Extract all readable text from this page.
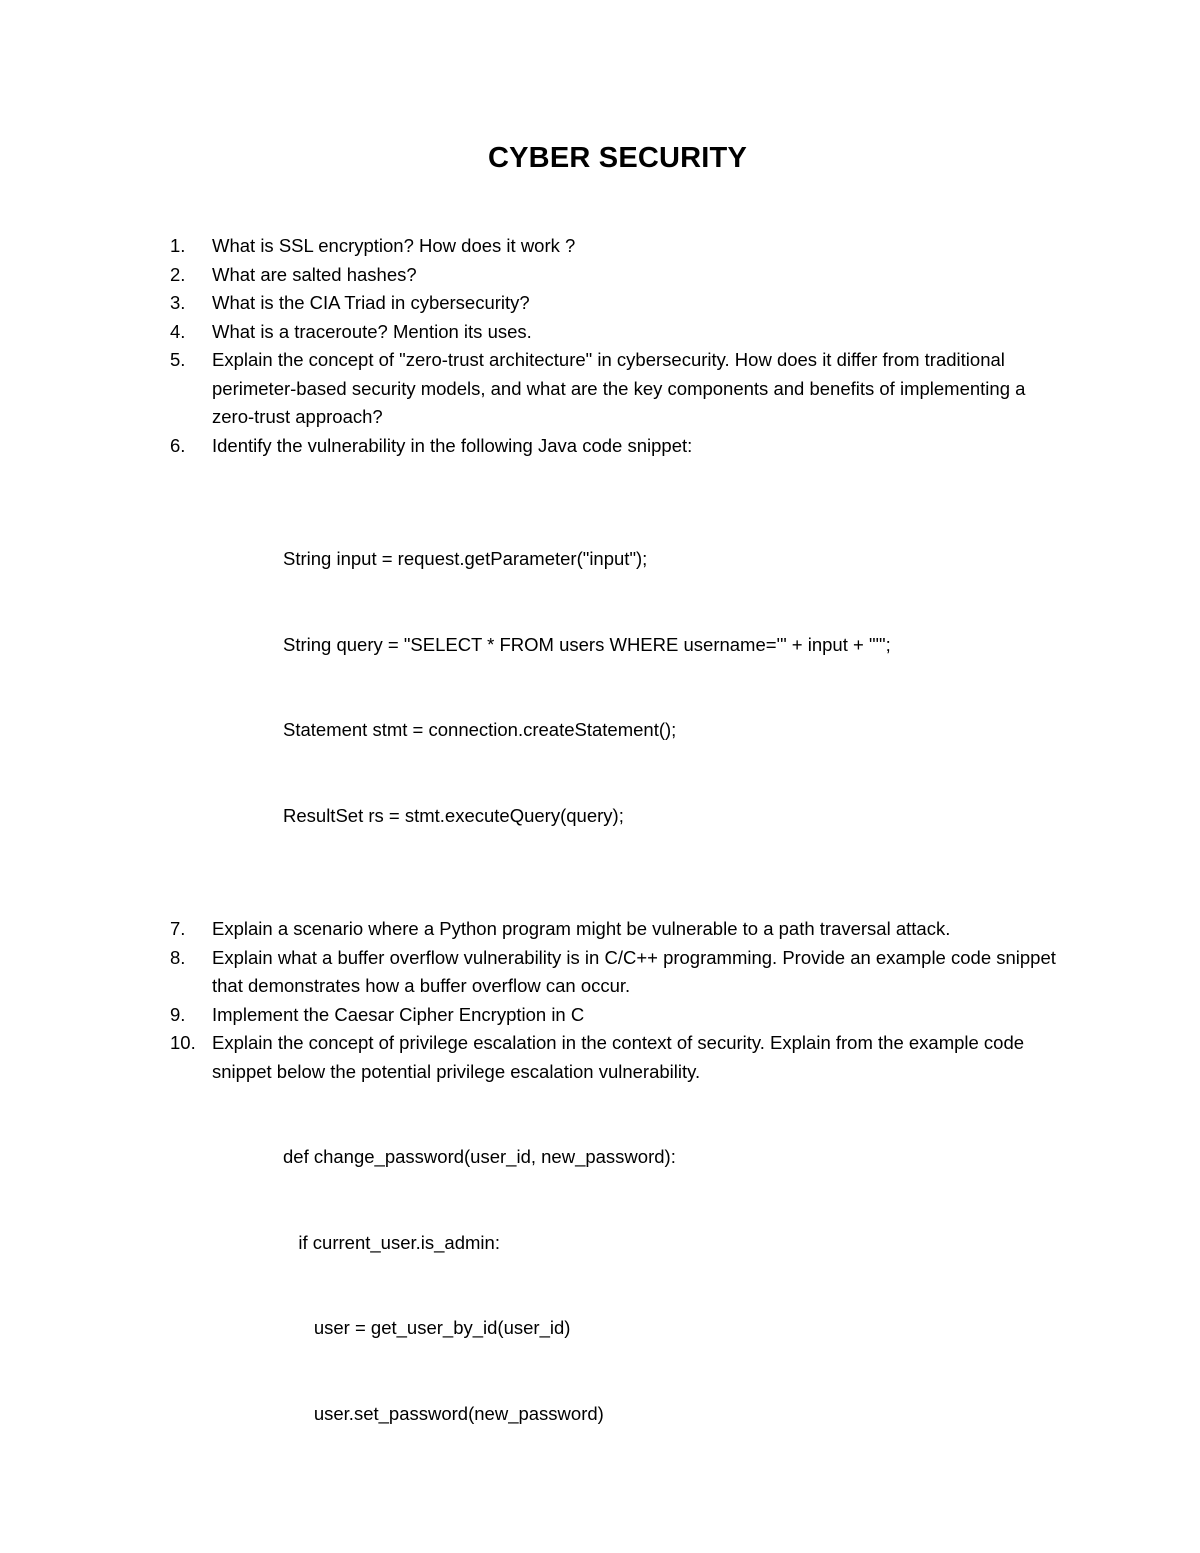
CYBER SECURITY
1.	What is SSL encryption? How does it work ?
2.	What are salted hashes?
3.	What is the CIA Triad in cybersecurity?
4.	What is a traceroute? Mention its uses.
5.	Explain the concept of "zero-trust architecture" in cybersecurity. How does it differ from traditional perimeter-based security models, and what are the key components and benefits of implementing a zero-trust approach?
6.	Identify the vulnerability in the following Java code snippet:

String input = request.getParameter("input");

String query = "SELECT * FROM users WHERE username='" + input + "'";

Statement stmt = connection.createStatement();

ResultSet rs = stmt.executeQuery(query);

7.	Explain a scenario where a Python program might be vulnerable to a path traversal attack.
8.	Explain what a buffer overflow vulnerability is in C/C++ programming. Provide an example code snippet that demonstrates how a buffer overflow can occur.
9.	Implement the Caesar Cipher Encryption in C
10. Explain the concept of privilege escalation in the context of security. Explain from the example code snippet below the potential privilege escalation vulnerability.

def change_password(user_id, new_password):

if current_user.is_admin:

user = get_user_by_id(user_id)

user.set_password(new_password)
